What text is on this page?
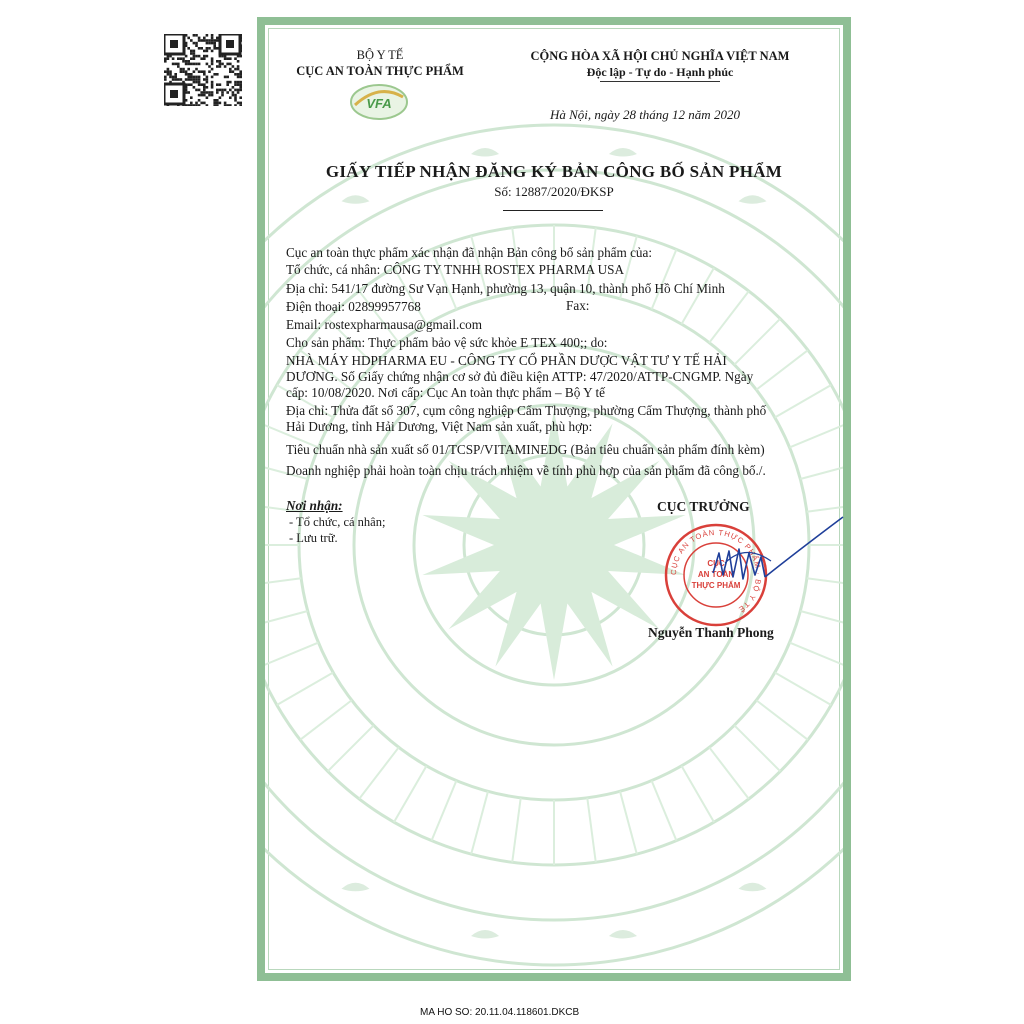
BỘ Y TẾ
CỤC AN TOÀN THỰC PHẨM
VFA
CỘNG HÒA XÃ HỘI CHỦ NGHĨA VIỆT NAM
Độc lập - Tự do - Hạnh phúc
Hà Nội, ngày 28 tháng 12 năm 2020
GIẤY TIẾP NHẬN ĐĂNG KÝ BẢN CÔNG BỐ SẢN PHẨM
Số: 12887/2020/ĐKSP
Cục an toàn thực phẩm xác nhận đã nhận Bản công bố sản phẩm của:
Tổ chức, cá nhân: CÔNG TY TNHH ROSTEX PHARMA USA
Địa chỉ: 541/17 đường Sư Vạn Hạnh, phường 13, quận 10, thành phố Hồ Chí Minh
Điện thoại: 02899957768	Fax:
Email: rostexpharmausa@gmail.com
Cho sản phẩm: Thực phẩm bảo vệ sức khỏe E TEX 400;; do:
NHÀ MÁY HDPHARMA EU - CÔNG TY CỔ PHẦN DƯỢC VẬT TƯ Y TẾ HẢI
DƯƠNG. Số Giấy chứng nhận cơ sở đủ điều kiện ATTP: 47/2020/ATTP-CNGMP. Ngày
cấp: 10/08/2020. Nơi cấp: Cục An toàn thực phẩm – Bộ Y tế
Địa chỉ: Thửa đất số 307, cụm công nghiệp Cẩm Thượng, phường Cẩm Thượng, thành phố
Hải Dương, tỉnh Hải Dương, Việt Nam sản xuất, phù hợp:
Tiêu chuẩn nhà sản xuất số 01/TCSP/VITAMINEDG (Bản tiêu chuẩn sản phẩm đính kèm)
Doanh nghiệp phải hoàn toàn chịu trách nhiệm về tính phù hợp của sản phẩm đã công bố./.
Nơi nhận:
- Tổ chức, cá nhân;
- Lưu trữ.
CỤC TRƯỞNG
CỤC AN TOÀN THỰC PHẨM · BỘ Y TẾ
CỤC
AN TOÀN
THỰC PHẨM
Nguyễn Thanh Phong
MA HO SO: 20.11.04.118601.DKCB
